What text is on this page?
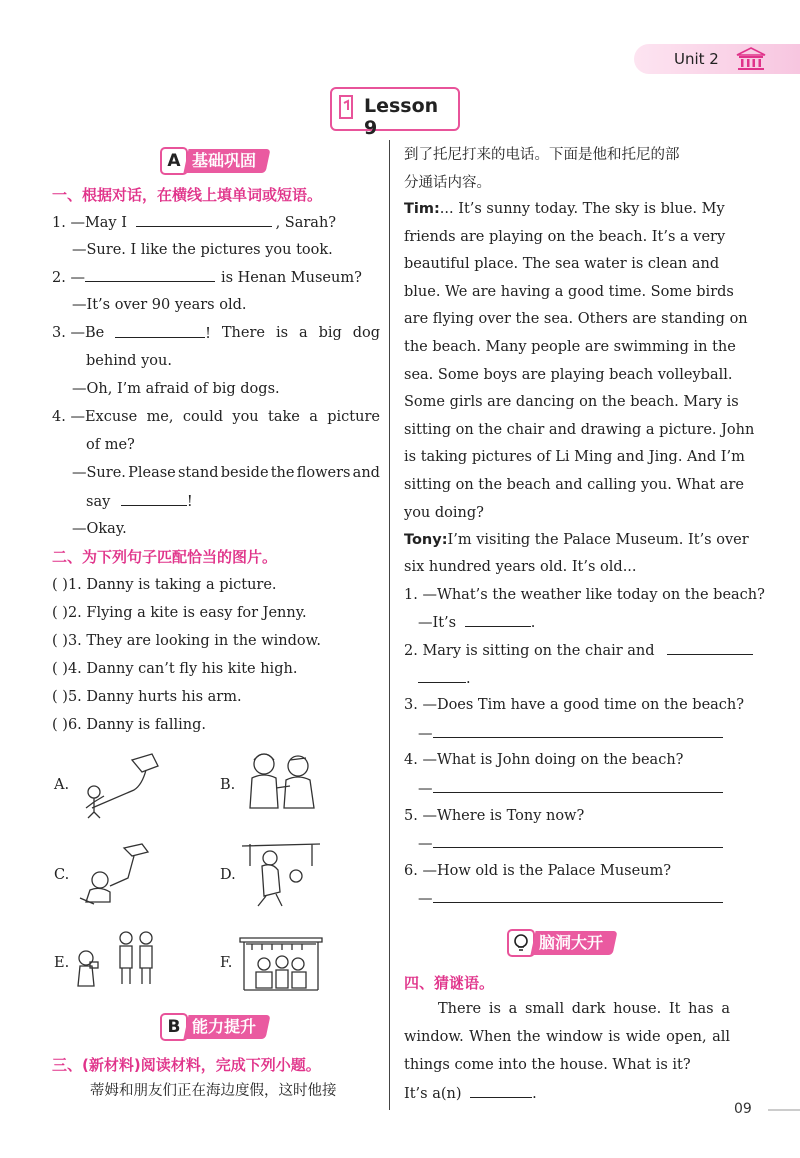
Unit 2
Lesson 9
A 基础巩固
一、根据对话，在横线上填单词或短语。
1. —May I	, Sarah?
—Sure. I like the pictures you took.
2. —	is Henan Museum?
—It’s over 90 years old.
3. —Be	! There is a big dog
behind you.
—Oh, I’m afraid of big dogs.
4. —Excuse me, could you take a picture
of me?
—Sure. Please stand beside the flowers and
say	!
—Okay.
二、为下列句子匹配恰当的图片。
( )1. Danny is taking a picture.
( )2. Flying a kite is easy for Jenny.
( )3. They are looking in the window.
( )4. Danny can’t fly his kite high.
( )5. Danny hurts his arm.
( )6. Danny is falling.
A.	B.
C.	D.
E.	F.
B 能力提升
三、(新材料)阅读材料，完成下列小题。
蒂姆和朋友们正在海边度假，这时他接
到了托尼打来的电话。下面是他和托尼的部
分通话内容。
Tim:... It’s sunny today. The sky is blue. My
friends are playing on the beach. It’s a very
beautiful place. The sea water is clean and
blue. We are having a good time. Some birds
are flying over the sea. Others are standing on
the beach. Many people are swimming in the
sea. Some boys are playing beach volleyball.
Some girls are dancing on the beach. Mary is
sitting on the chair and drawing a picture. John
is taking pictures of Li Ming and Jing. And I’m
sitting on the beach and calling you. What are
you doing?
Tony:I’m visiting the Palace Museum. It’s over
six hundred years old. It’s old...
1. —What’s the weather like today on the beach?
—It’s	.
2. Mary is sitting on the chair and
.
3. —Does Tim have a good time on the beach?
—
4. —What is John doing on the beach?
—
5. —Where is Tony now?
—
6. —How old is the Palace Museum?
—
脑洞大开
四、猜谜语。
There is a small dark house. It has a
window. When the window is wide open, all
things come into the house. What is it?
It’s a(n)	.
09
